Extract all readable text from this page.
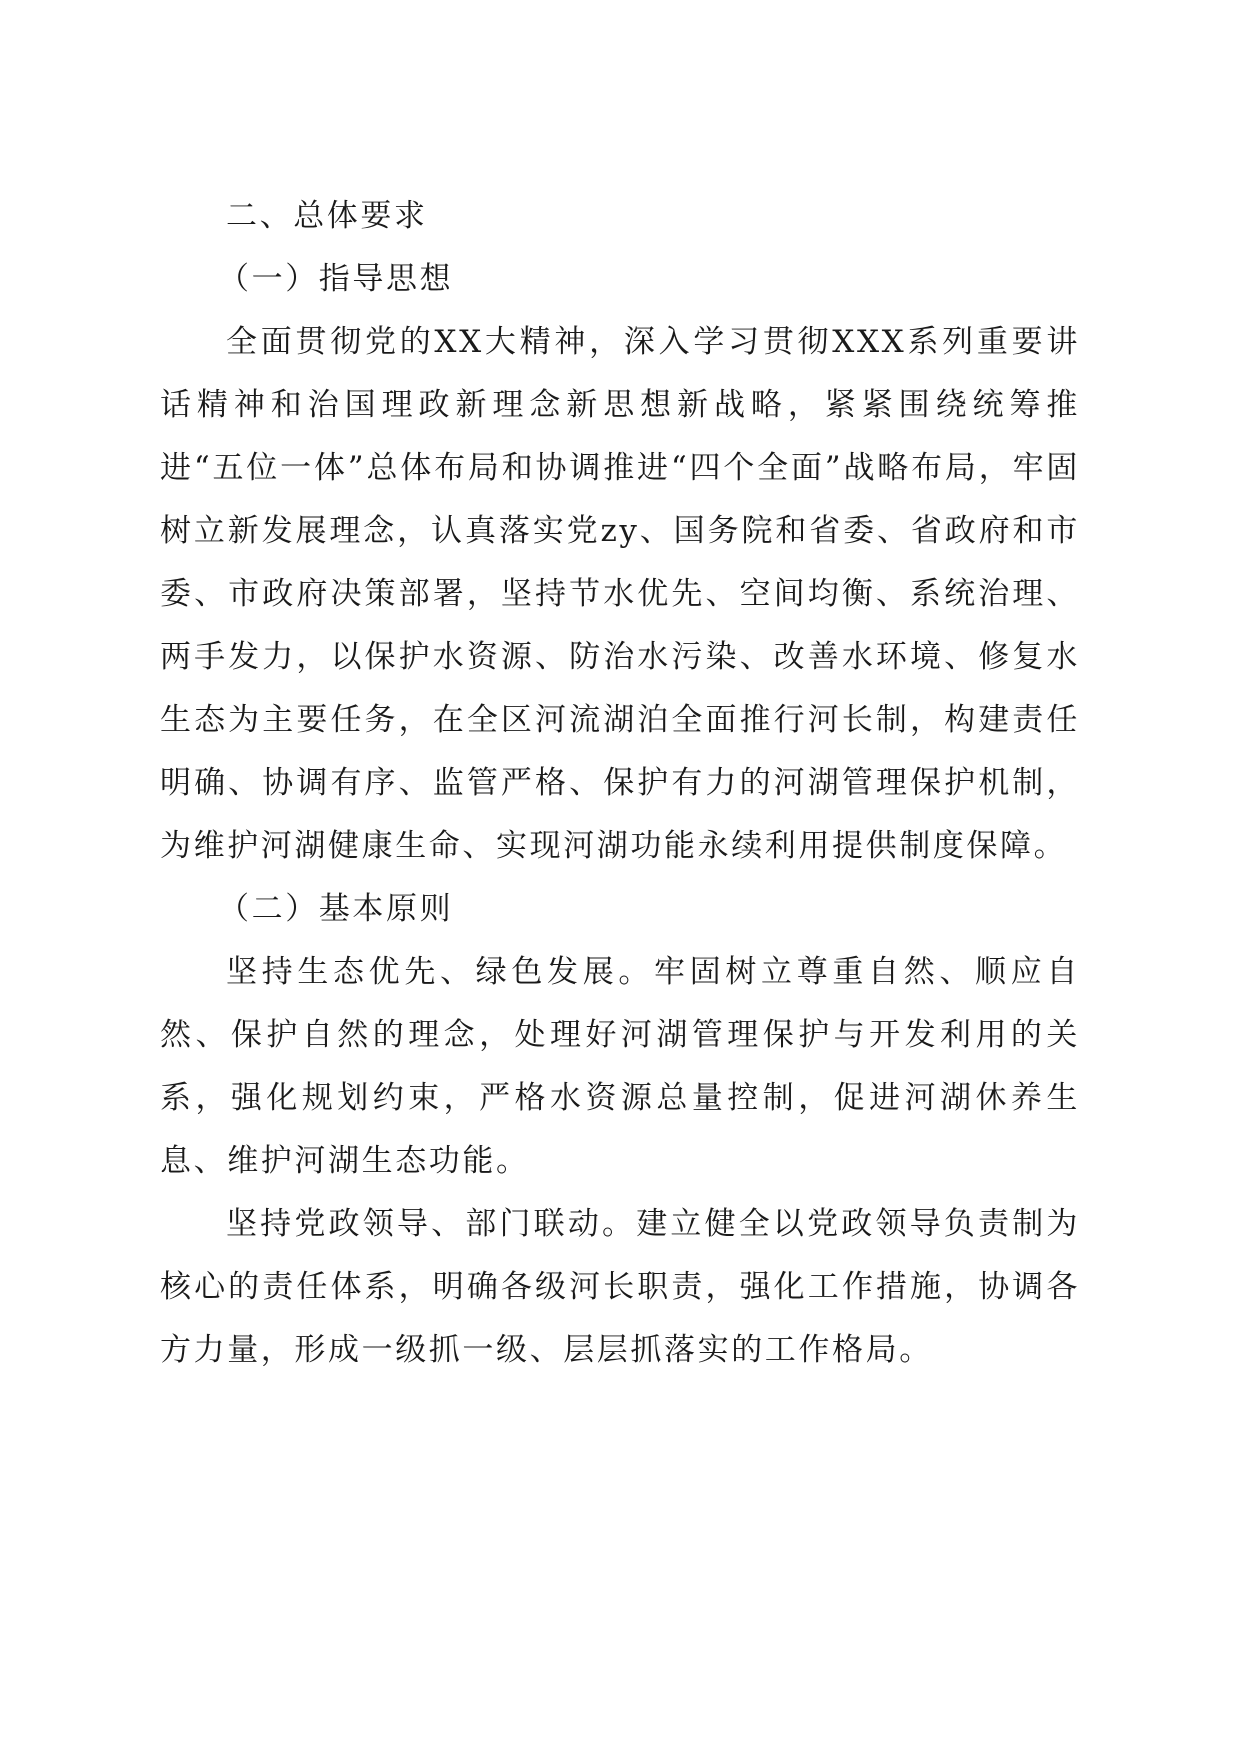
二、总体要求
（一）指导思想

全面贯彻党的XX大精神，深入学习贯彻XXX系列重要讲话精神和治国理政新理念新思想新战略，紧紧围绕统筹推进“五位一体”总体布局和协调推进“四个全面”战略布局，牢固树立新发展理念，认真落实党zy、国务院和省委、省政府和市委、市政府决策部署，坚持节水优先、空间均衡、系统治理、两手发力，以保护水资源、防治水污染、改善水环境、修复水生态为主要任务，在全区河流湖泊全面推行河长制，构建责任明确、协调有序、监管严格、保护有力的河湖管理保护机制，为维护河湖健康生命、实现河湖功能永续利用提供制度保障。

（二）基本原则

坚持生态优先、绿色发展。牢固树立尊重自然、顺应自然、保护自然的理念，处理好河湖管理保护与开发利用的关系，强化规划约束，严格水资源总量控制，促进河湖休养生息、维护河湖生态功能。

坚持党政领导、部门联动。建立健全以党政领导负责制为核心的责任体系，明确各级河长职责，强化工作措施，协调各方力量，形成一级抓一级、层层抓落实的工作格局。
